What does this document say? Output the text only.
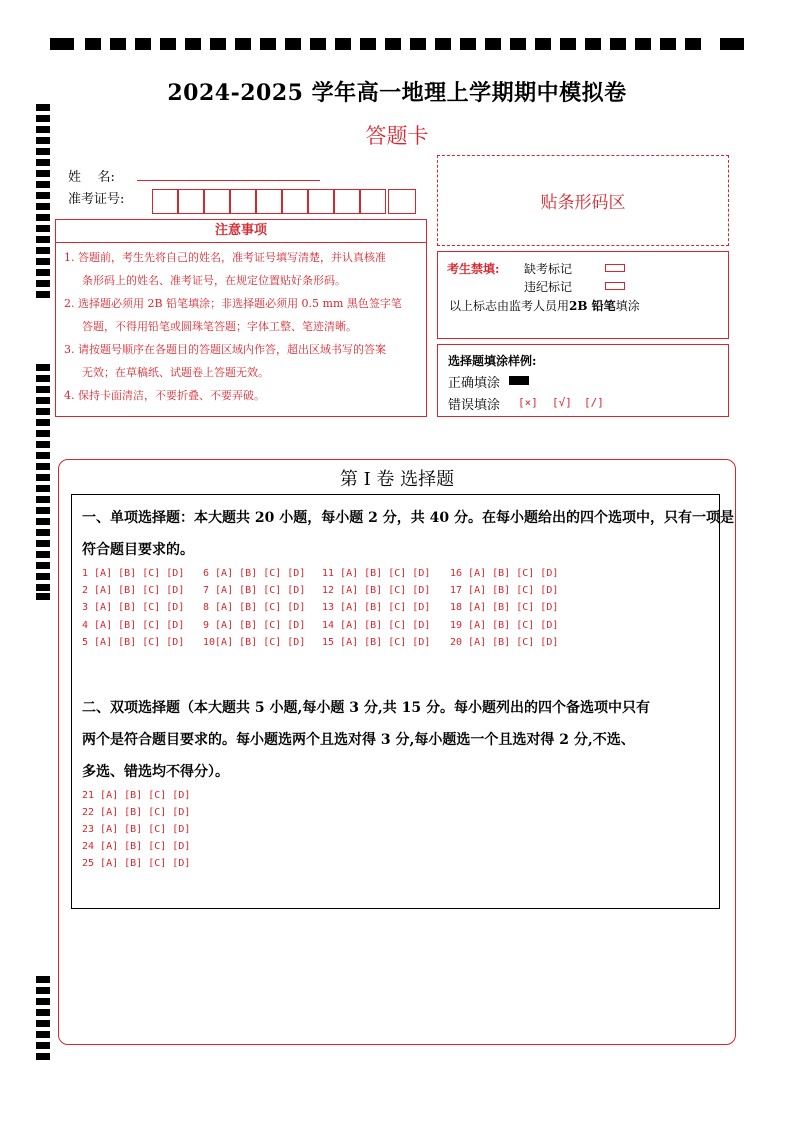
2024-2025 学年高一地理上学期期中模拟卷
答题卡
姓    名:
准考证号:	贴条形码区
注意事项
1. 答题前，考生先将自己的姓名，准考证号填写清楚，并认真核准
条形码上的姓名、准考证号，在规定位置贴好条形码。
2. 选择题必须用 2B 铅笔填涂；非选择题必须用 0.5 mm 黑色签字笔
答题，不得用铅笔或圆珠笔答题；字体工整、笔迹清晰。
3. 请按题号顺序在各题目的答题区域内作答，超出区域书写的答案
无效；在草稿纸、试题卷上答题无效。
4. 保持卡面清洁，不要折叠、不要弄破。
考生禁填: 缺考标记
违纪标记
以上标志由监考人员用2B 铅笔填涂
选择题填涂样例:
正确填涂
错误填涂 [×] [√] [/]
第 I 卷 选择题
一、单项选择题：本大题共 20 小题，每小题 2 分，共 40 分。在每小题给出的四个选项中，只有一项是
符合题目要求的。
1 [A] [B] [C] [D] 6 [A] [B] [C] [D] 11 [A] [B] [C] [D] 16 [A] [B] [C] [D]
2 [A] [B] [C] [D] 7 [A] [B] [C] [D] 12 [A] [B] [C] [D] 17 [A] [B] [C] [D]
3 [A] [B] [C] [D] 8 [A] [B] [C] [D] 13 [A] [B] [C] [D] 18 [A] [B] [C] [D]
4 [A] [B] [C] [D] 9 [A] [B] [C] [D] 14 [A] [B] [C] [D] 19 [A] [B] [C] [D]
5 [A] [B] [C] [D] 10[A] [B] [C] [D] 15 [A] [B] [C] [D] 20 [A] [B] [C] [D]
二、双项选择题（本大题共 5 小题,每小题 3 分,共 15 分。每小题列出的四个备选项中只有
两个是符合题目要求的。每小题选两个且选对得 3 分,每小题选一个且选对得 2 分,不选、
多选、错选均不得分）。
21 [A] [B] [C] [D]
22 [A] [B] [C] [D]
23 [A] [B] [C] [D]
24 [A] [B] [C] [D]
25 [A] [B] [C] [D]
